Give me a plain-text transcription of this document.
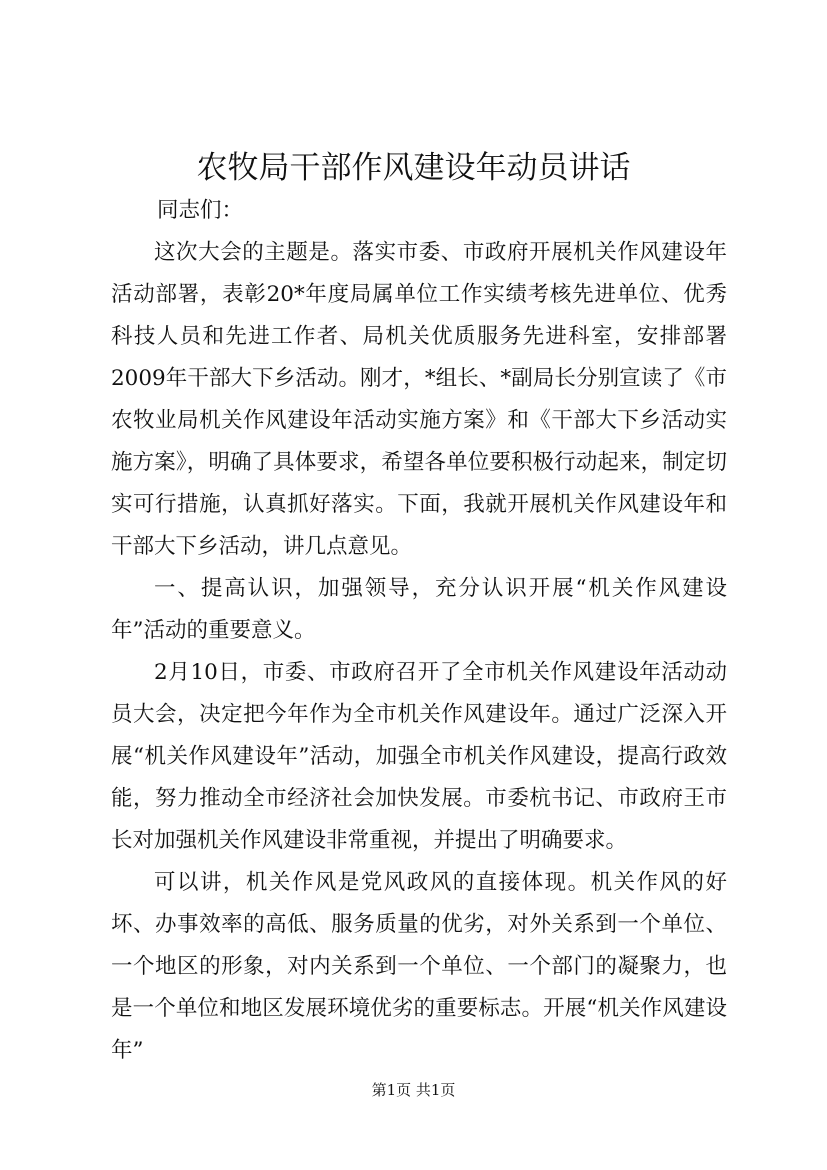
农牧局干部作风建设年动员讲话

同志们：

这次大会的主题是。落实市委、市政府开展机关作风建设年活动部署，表彰20*年度局属单位工作实绩考核先进单位、优秀科技人员和先进工作者、局机关优质服务先进科室，安排部署2009年干部大下乡活动。刚才，*组长、*副局长分别宣读了《市农牧业局机关作风建设年活动实施方案》和《干部大下乡活动实施方案》，明确了具体要求，希望各单位要积极行动起来，制定切实可行措施，认真抓好落实。下面，我就开展机关作风建设年和干部大下乡活动，讲几点意见。

一、提高认识，加强领导，充分认识开展“机关作风建设年”活动的重要意义。

2月10日，市委、市政府召开了全市机关作风建设年活动动员大会，决定把今年作为全市机关作风建设年。通过广泛深入开展“机关作风建设年”活动，加强全市机关作风建设，提高行政效能，努力推动全市经济社会加快发展。市委杭书记、市政府王市长对加强机关作风建设非常重视，并提出了明确要求。

可以讲，机关作风是党风政风的直接体现。机关作风的好坏、办事效率的高低、服务质量的优劣，对外关系到一个单位、一个地区的形象，对内关系到一个单位、一个部门的凝聚力，也是一个单位和地区发展环境优劣的重要标志。开展“机关作风建设年”

第1页 共1页
